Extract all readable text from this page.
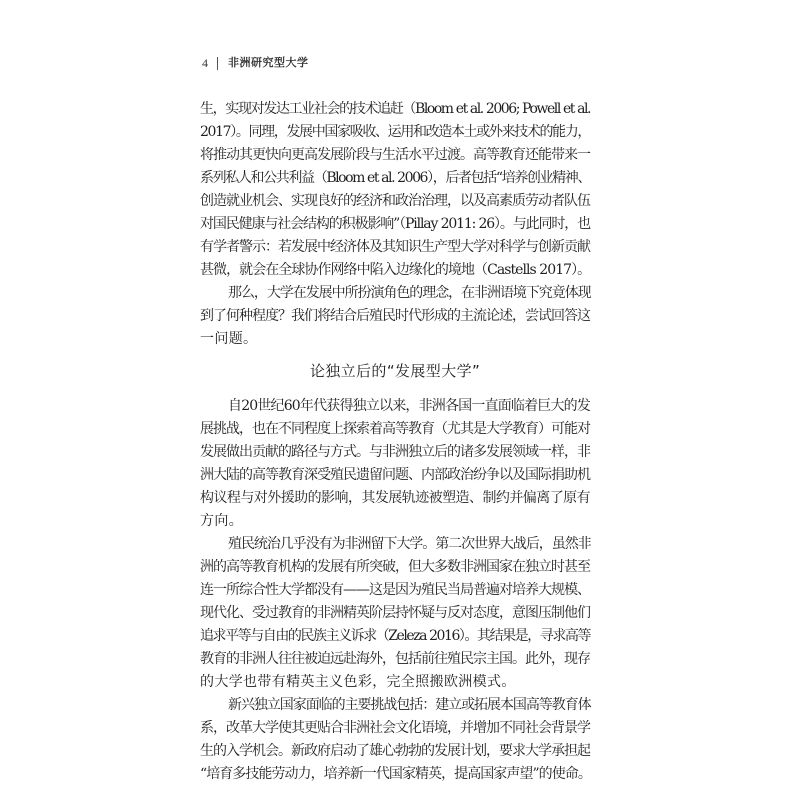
4 非洲研究型大学
生，实现对发达工业社会的技术追赶（Bloom et al. 2006; Powell et al.
2017）。同理，发展中国家吸收、运用和改造本土或外来技术的能力，
将推动其更快向更高发展阶段与生活水平过渡。高等教育还能带来一
系列私人和公共利益（Bloom et al. 2006），后者包括“培养创业精神、
创造就业机会、实现良好的经济和政治治理，以及高素质劳动者队伍
对国民健康与社会结构的积极影响”（Pillay 2011: 26）。与此同时，也
有学者警示：若发展中经济体及其知识生产型大学对科学与创新贡献
甚微，就会在全球协作网络中陷入边缘化的境地（Castells 2017）。
那么，大学在发展中所扮演角色的理念，在非洲语境下究竟体现
到了何种程度？我们将结合后殖民时代形成的主流论述，尝试回答这
一问题。
论独立后的“发展型大学”
自20世纪60年代获得独立以来，非洲各国一直面临着巨大的发
展挑战，也在不同程度上探索着高等教育（尤其是大学教育）可能对
发展做出贡献的路径与方式。与非洲独立后的诸多发展领域一样，非
洲大陆的高等教育深受殖民遗留问题、内部政治纷争以及国际捐助机
构议程与对外援助的影响，其发展轨迹被塑造、制约并偏离了原有
方向。
殖民统治几乎没有为非洲留下大学。第二次世界大战后，虽然非
洲的高等教育机构的发展有所突破，但大多数非洲国家在独立时甚至
连一所综合性大学都没有——这是因为殖民当局普遍对培养大规模、
现代化、受过教育的非洲精英阶层持怀疑与反对态度，意图压制他们
追求平等与自由的民族主义诉求（Zeleza 2016）。其结果是，寻求高等
教育的非洲人往往被迫远赴海外，包括前往殖民宗主国。此外，现存
的大学也带有精英主义色彩，完全照搬欧洲模式。
新兴独立国家面临的主要挑战包括：建立或拓展本国高等教育体
系，改革大学使其更贴合非洲社会文化语境，并增加不同社会背景学
生的入学机会。新政府启动了雄心勃勃的发展计划，要求大学承担起
“培育多技能劳动力，培养新一代国家精英，提高国家声望”的使命。
